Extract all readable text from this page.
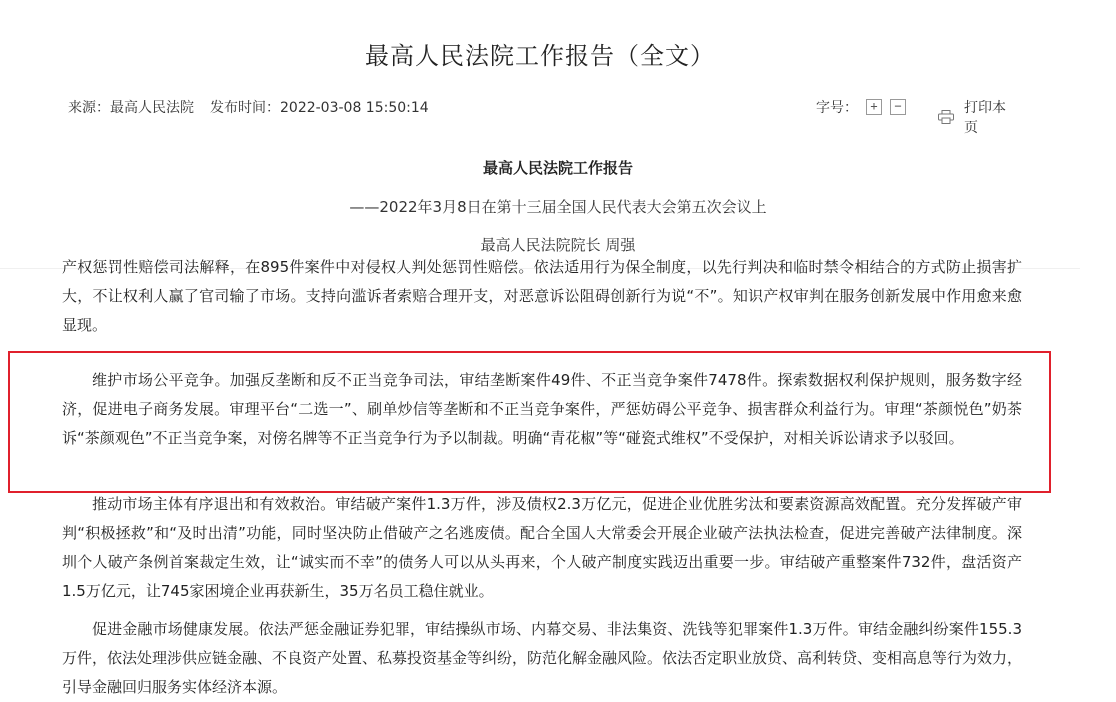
最高人民法院工作报告（全文）
来源：最高人民法院 发布时间：2022-03-08 15:50:14	字号：	+	−	打印本页
最高人民法院工作报告
——2022年3月8日在第十三届全国人民代表大会第五次会议上
最高人民法院院长 周强
产权惩罚性赔偿司法解释，在895件案件中对侵权人判处惩罚性赔偿。依法适用行为保全制度，以先行判决和临时禁令相结合的方式防止损害扩大，不让权利人赢了官司输了市场。支持向滥诉者索赔合理开支，对恶意诉讼阻碍创新行为说“不”。知识产权审判在服务创新发展中作用愈来愈显现。
维护市场公平竞争。加强反垄断和反不正当竞争司法，审结垄断案件49件、不正当竞争案件7478件。探索数据权利保护规则，服务数字经济，促进电子商务发展。审理平台“二选一”、刷单炒信等垄断和不正当竞争案件，严惩妨碍公平竞争、损害群众利益行为。审理“茶颜悦色”奶茶诉“茶颜观色”不正当竞争案，对傍名牌等不正当竞争行为予以制裁。明确“青花椒”等“碰瓷式维权”不受保护，对相关诉讼请求予以驳回。
推动市场主体有序退出和有效救治。审结破产案件1.3万件，涉及债权2.3万亿元，促进企业优胜劣汰和要素资源高效配置。充分发挥破产审判“积极拯救”和“及时出清”功能，同时坚决防止借破产之名逃废债。配合全国人大常委会开展企业破产法执法检查，促进完善破产法律制度。深圳个人破产条例首案裁定生效，让“诚实而不幸”的债务人可以从头再来，个人破产制度实践迈出重要一步。审结破产重整案件732件，盘活资产1.5万亿元，让745家困境企业再获新生，35万名员工稳住就业。
促进金融市场健康发展。依法严惩金融证券犯罪，审结操纵市场、内幕交易、非法集资、洗钱等犯罪案件1.3万件。审结金融纠纷案件155.3万件，依法处理涉供应链金融、不良资产处置、私募投资基金等纠纷，防范化解金融风险。依法否定职业放贷、高利转贷、变相高息等行为效力，引导金融回归服务实体经济本源。
